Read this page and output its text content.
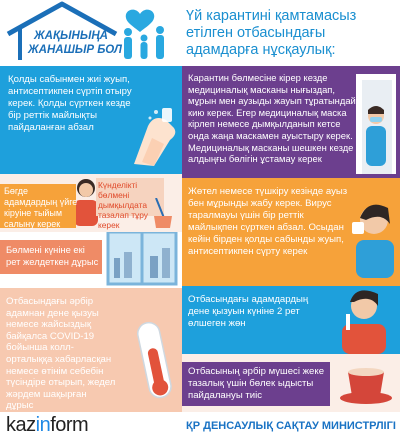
ЖАҚЫНЫҢА
ЖАНАШЫР БОЛ
Үй карантині қамтамасыз етілген отбасындағы адамдарға нұсқаулық:
Қолды сабынмен жиі жуып, антисептикпен сүртіп отыру керек. Қолды сүрткен кезде бір реттік майлықты пайдаланған абзал
Карантин бөлмесіне кірер кезде медициналық масканы нығыздап, мұрын мен аузыды жауып тұратындай кию керек. Егер медициналық маска кірлеп немесе дымқылданып кетсе онда жаңа маскамен ауыстыру керек. Медициналық масканы шешкен кезде алдыңғы бөлігін ұстамау керек
Бөгде адамдардың үйге кіруіне тыйым салыну керек
Күнделікті бөлмені дымқылдата тазалап тұру керек
Жөтел немесе түшкіру кезінде ауыз бен мұрынды жабу керек. Вирус таралмауы үшін бір реттік майлықпен сүрткен абзал. Осыдан кейін бірден қолды сабынды жуып, антисептикпен сүрту керек
Бөлмені күніне екі рет желдеткен дұрыс
Отбасындағы әрбір адамнан дене қызуы немесе жайсыздық байқалса COVID-19 бойынша колл-орталыққа хабарласқан немесе өтінім себебін түсіндіре отырып, жедел жәрдем шақырған дұрыс
Отбасындағы адамдардың дене қызуын күніне 2 рет өлшеген жөн
Отбасының әрбір мүшесі жеке тазалық үшін бөлек ыдысты пайдалануы тиіс
kazinform	ҚР ДЕНСАУЛЫҚ САҚТАУ МИНИСТРЛІГІ
